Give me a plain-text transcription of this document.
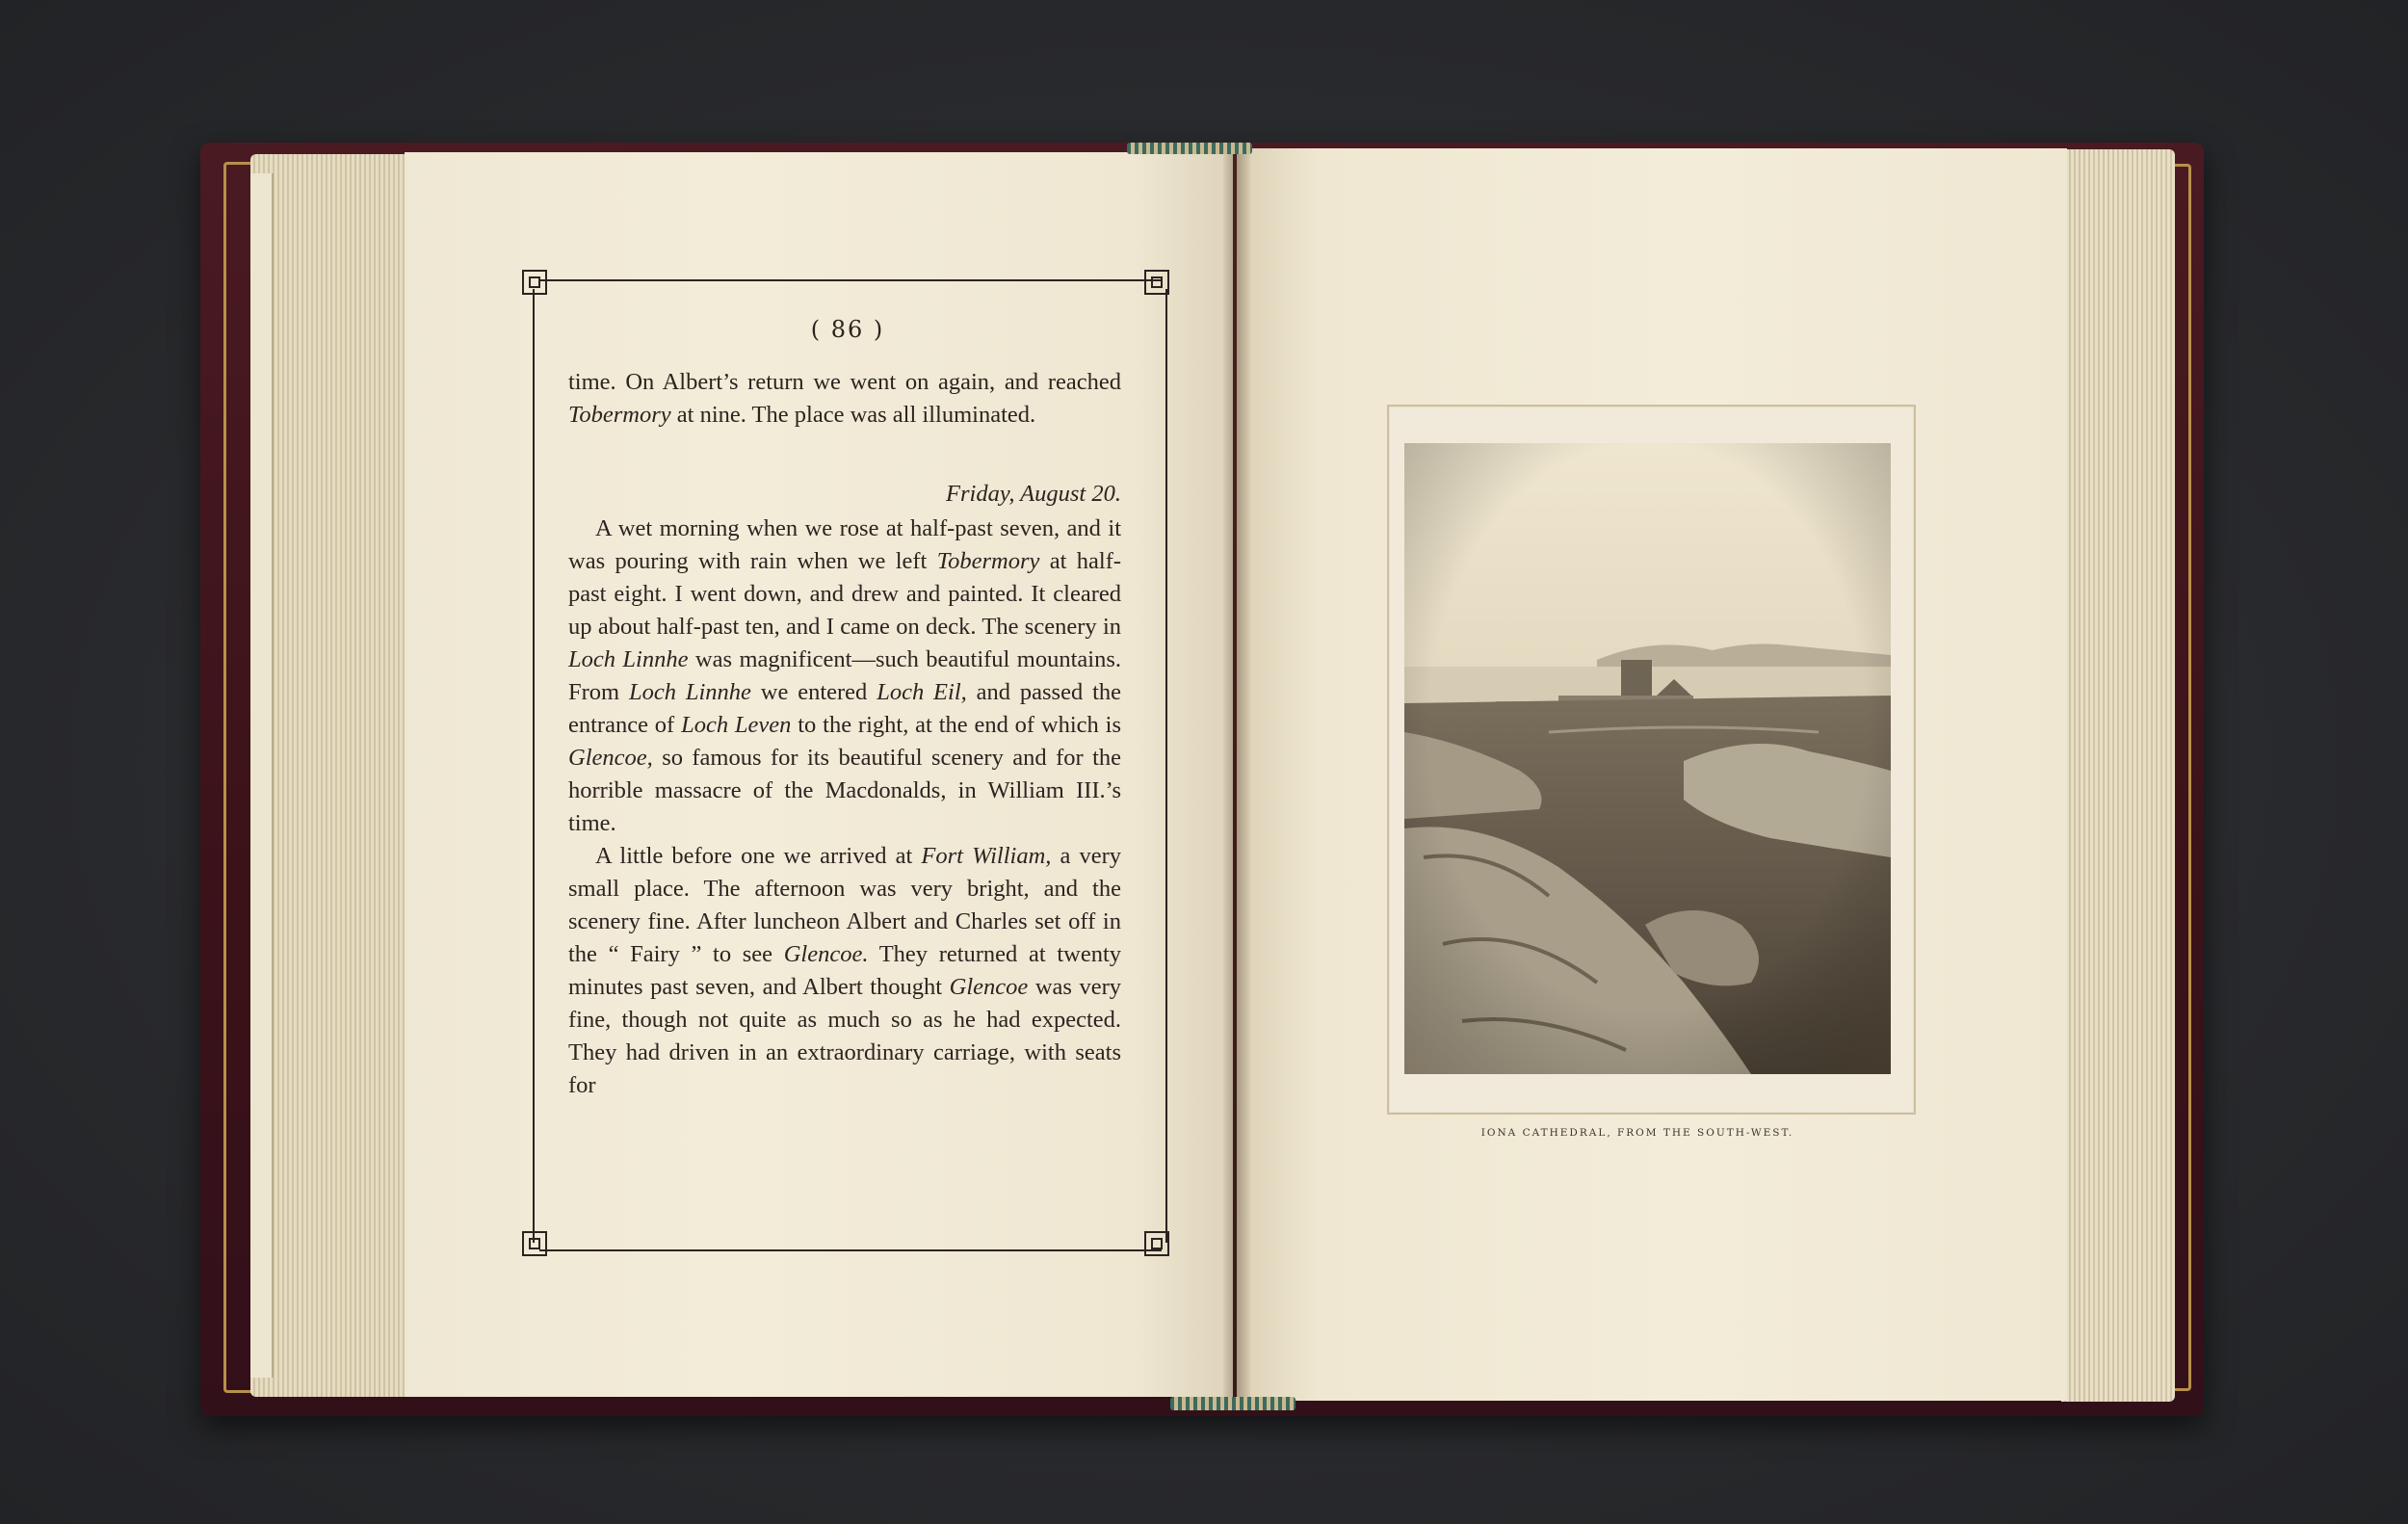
( 86 )

time. On Albert’s return we went on again, and reached Tobermory at nine. The place was all illuminated.

Friday, August 20.

A wet morning when we rose at half-past seven, and it was pouring with rain when we left Tobermory at half-past eight. I went down, and drew and painted. It cleared up about half-past ten, and I came on deck. The scenery in Loch Linnhe was magnificent—such beautiful mountains. From Loch Linnhe we entered Loch Eil, and passed the entrance of Loch Leven to the right, at the end of which is Glencoe, so famous for its beautiful scenery and for the horrible massacre of the Macdonalds, in William III.’s time.

A little before one we arrived at Fort William, a very small place. The afternoon was very bright, and the scenery fine. After luncheon Albert and Charles set off in the “ Fairy ” to see Glencoe. They returned at twenty minutes past seven, and Albert thought Glencoe was very fine, though not quite as much so as he had expected. They had driven in an extraordinary carriage, with seats for

IONA CATHEDRAL, FROM THE SOUTH-WEST.
